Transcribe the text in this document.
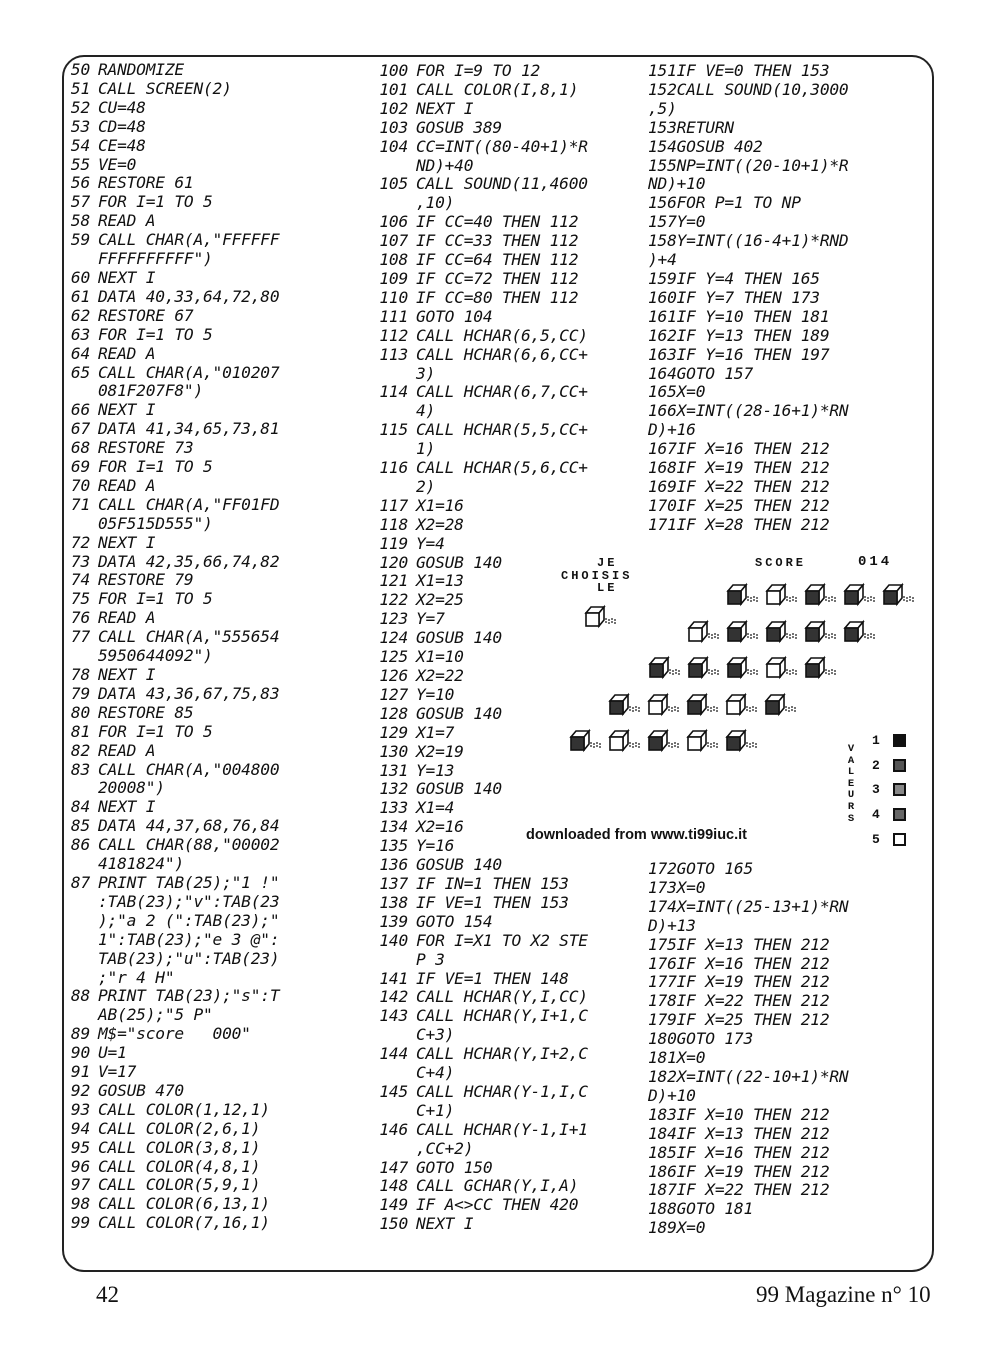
50 RANDOMIZE
51 CALL SCREEN(2)
52 CU=48
53 CD=48
54 CE=48
55 VE=0
56 RESTORE 61
57 FOR I=1 TO 5
58 READ A
59 CALL CHAR(A,"FFFFFF
FFFFFFFFFF")
60 NEXT I
61 DATA 40,33,64,72,80
62 RESTORE 67
63 FOR I=1 TO 5
64 READ A
65 CALL CHAR(A,"010207
081F207F8")
66 NEXT I
67 DATA 41,34,65,73,81
68 RESTORE 73
69 FOR I=1 TO 5
70 READ A
71 CALL CHAR(A,"FF01FD
05F515D555")
72 NEXT I
73 DATA 42,35,66,74,82
74 RESTORE 79
75 FOR I=1 TO 5
76 READ A
77 CALL CHAR(A,"555654
5950644092")
78 NEXT I
79 DATA 43,36,67,75,83
80 RESTORE 85
81 FOR I=1 TO 5
82 READ A
83 CALL CHAR(A,"004800
20008")
84 NEXT I
85 DATA 44,37,68,76,84
86 CALL CHAR(88,"00002
4181824")
87 PRINT TAB(25);"1 !"
:TAB(23);"v":TAB(23
);"a 2 (":TAB(23);"
1":TAB(23);"e 3 @":
TAB(23);"u":TAB(23)
;"r 4 H"
88 PRINT TAB(23);"s":T
AB(25);"5 P"
89 M$="score   000"
90 U=1
91 V=17
92 GOSUB 470
93 CALL COLOR(1,12,1)
94 CALL COLOR(2,6,1)
95 CALL COLOR(3,8,1)
96 CALL COLOR(4,8,1)
97 CALL COLOR(5,9,1)
98 CALL COLOR(6,13,1)
99 CALL COLOR(7,16,1)
100 FOR I=9 TO 12
101 CALL COLOR(I,8,1)
102 NEXT I
103 GOSUB 389
104 CC=INT((80-40+1)*R
ND)+40
105 CALL SOUND(11,4600
,10)
106 IF CC=40 THEN 112
107 IF CC=33 THEN 112
108 IF CC=64 THEN 112
109 IF CC=72 THEN 112
110 IF CC=80 THEN 112
111 GOTO 104
112 CALL HCHAR(6,5,CC)
113 CALL HCHAR(6,6,CC+
3)
114 CALL HCHAR(6,7,CC+
4)
115 CALL HCHAR(5,5,CC+
1)
116 CALL HCHAR(5,6,CC+
2)
117 X1=16
118 X2=28
119 Y=4
120 GOSUB 140
121 X1=13
122 X2=25
123 Y=7
124 GOSUB 140
125 X1=10
126 X2=22
127 Y=10
128 GOSUB 140
129 X1=7
130 X2=19
131 Y=13
132 GOSUB 140
133 X1=4
134 X2=16
135 Y=16
136 GOSUB 140
137 IF IN=1 THEN 153
138 IF VE=1 THEN 153
139 GOTO 154
140 FOR I=X1 TO X2 STE
P 3
141 IF VE=1 THEN 148
142 CALL HCHAR(Y,I,CC)
143 CALL HCHAR(Y,I+1,C
C+3)
144 CALL HCHAR(Y,I+2,C
C+4)
145 CALL HCHAR(Y-1,I,C
C+1)
146 CALL HCHAR(Y-1,I+1
,CC+2)
147 GOTO 150
148 CALL GCHAR(Y,I,A)
149 IF A<>CC THEN 420
150 NEXT I
151 IF VE=0 THEN 153
152 CALL SOUND(10,3000
,5)
153 RETURN
154 GOSUB 402
155 NP=INT((20-10+1)*R
ND)+10
156 FOR P=1 TO NP
157 Y=0
158 Y=INT((16-4+1)*RND
)+4
159 IF Y=4 THEN 165
160 IF Y=7 THEN 173
161 IF Y=10 THEN 181
162 IF Y=13 THEN 189
163 IF Y=16 THEN 197
164 GOTO 157
165 X=0
166 X=INT((28-16+1)*RN
D)+16
167 IF X=16 THEN 212
168 IF X=19 THEN 212
169 IF X=22 THEN 212
170 IF X=25 THEN 212
171 IF X=28 THEN 212
172 GOTO 165
173 X=0
174 X=INT((25-13+1)*RN
D)+13
175 IF X=13 THEN 212
176 IF X=16 THEN 212
177 IF X=19 THEN 212
178 IF X=22 THEN 212
179 IF X=25 THEN 212
180 GOTO 173
181 X=0
182 X=INT((22-10+1)*RN
D)+10
183 IF X=10 THEN 212
184 IF X=13 THEN 212
185 IF X=16 THEN 212
186 IF X=19 THEN 212
187 IF X=22 THEN 212
188 GOTO 181
189 X=0
JE
CHOISIS
LE
SCORE	014
V
A
L
E
U
R
S
1
2
3
4
5
downloaded from www.ti99iuc.it
42	99 Magazine n° 10
